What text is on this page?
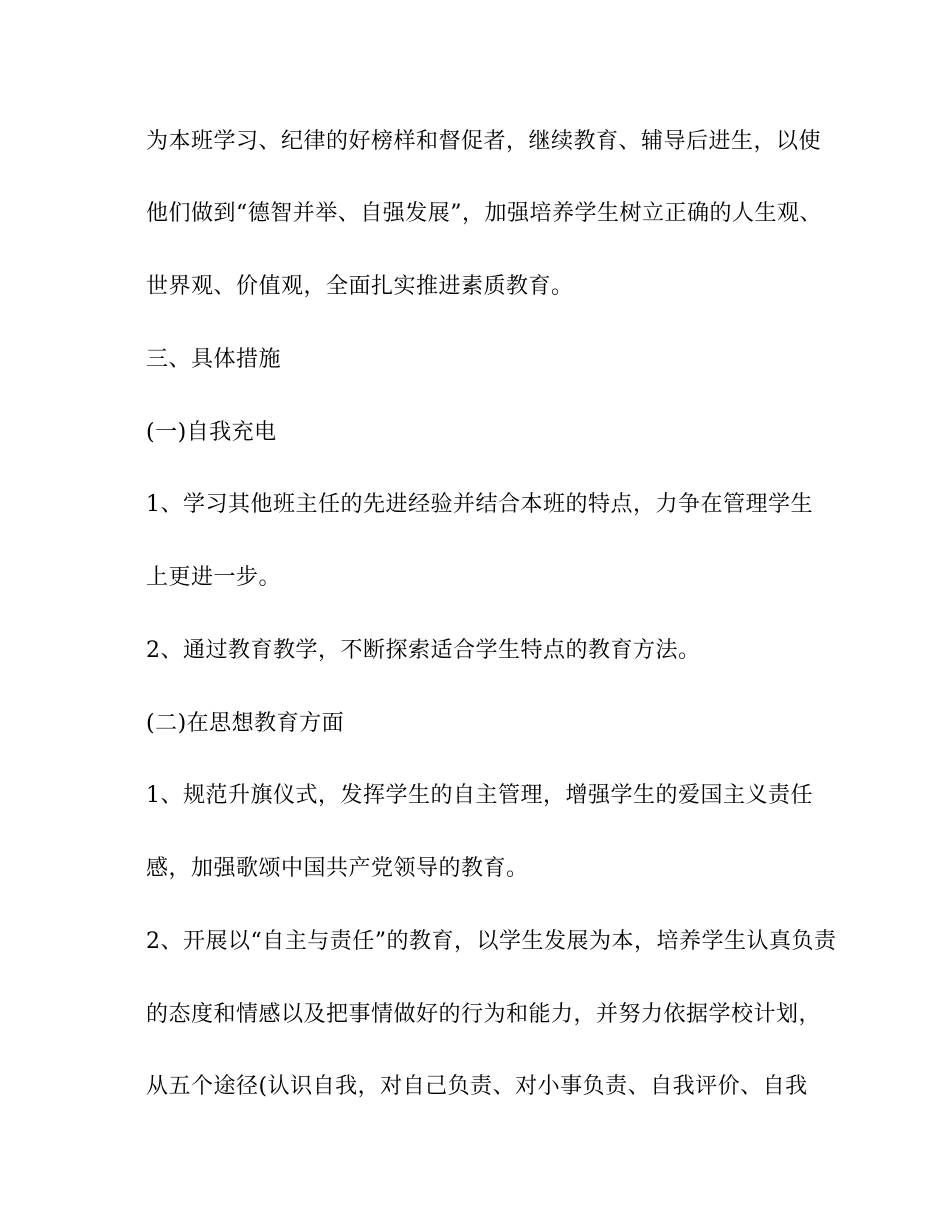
为本班学习、纪律的好榜样和督促者，继续教育、辅导后进生，以使
他们做到“德智并举、自强发展”，加强培养学生树立正确的人生观、
世界观、价值观，全面扎实推进素质教育。
三、具体措施
(一)自我充电
1、学习其他班主任的先进经验并结合本班的特点，力争在管理学生
上更进一步。
2、通过教育教学，不断探索适合学生特点的教育方法。
(二)在思想教育方面
1、规范升旗仪式，发挥学生的自主管理，增强学生的爱国主义责任
感，加强歌颂中国共产党领导的教育。
2、开展以“自主与责任”的教育，以学生发展为本，培养学生认真负责
的态度和情感以及把事情做好的行为和能力，并努力依据学校计划，
从五个途径(认识自我，对自己负责、对小事负责、自我评价、自我
